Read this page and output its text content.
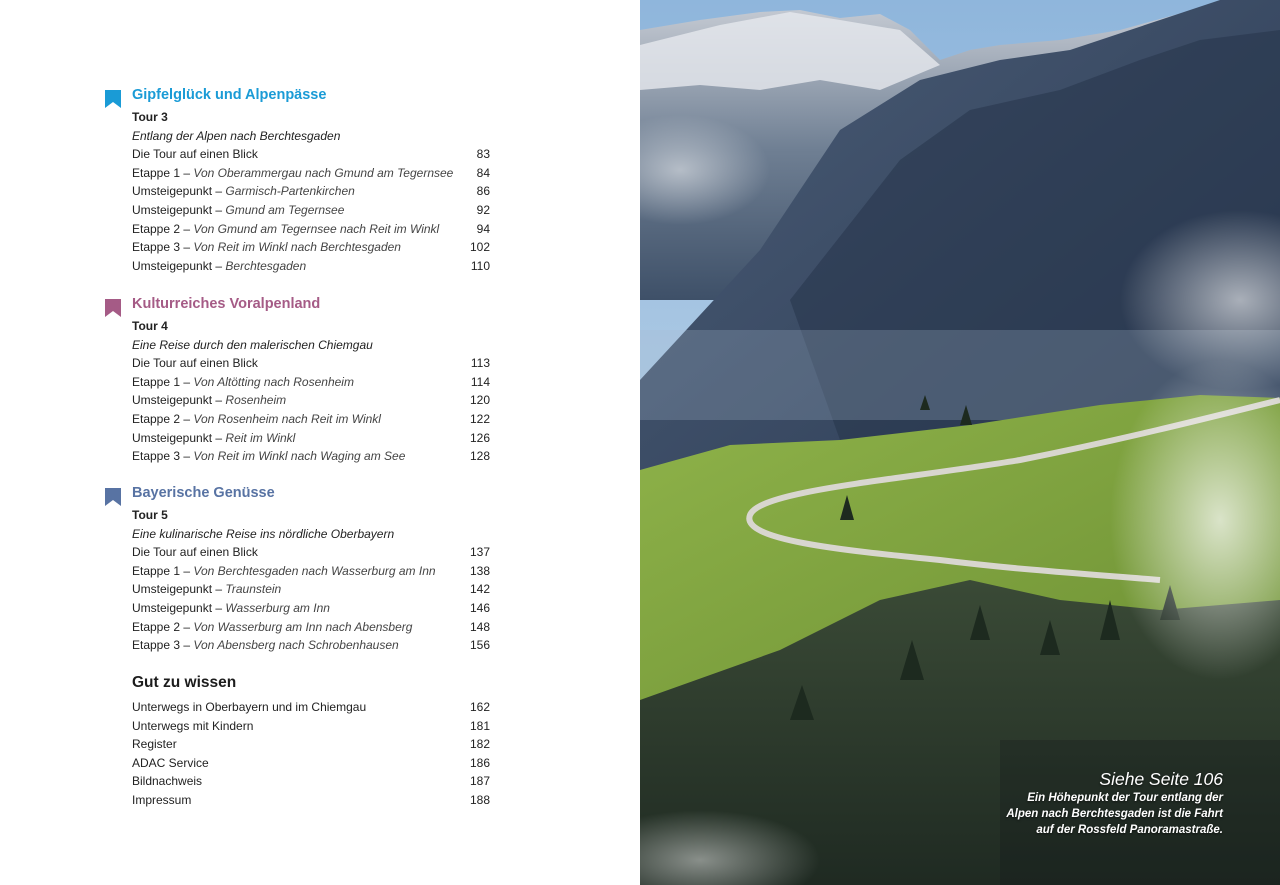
Gipfelglück und Alpenpässe
Tour 3
Entlang der Alpen nach Berchtesgaden
Die Tour auf einen Blick	83
Etappe 1 – Von Oberammergau nach Gmund am Tegernsee 84
Umsteigepunkt – Garmisch-Partenkirchen	86
Umsteigepunkt – Gmund am Tegernsee	92
Etappe 2 – Von Gmund am Tegernsee nach Reit im Winkl	94
Etappe 3 – Von Reit im Winkl nach Berchtesgaden	102
Umsteigepunkt – Berchtesgaden	110
Kulturreiches Voralpenland
Tour 4
Eine Reise durch den malerischen Chiemgau
Die Tour auf einen Blick	113
Etappe 1 – Von Altötting nach Rosenheim	114
Umsteigepunkt – Rosenheim	120
Etappe 2 – Von Rosenheim nach Reit im Winkl	122
Umsteigepunkt – Reit im Winkl	126
Etappe 3 – Von Reit im Winkl nach Waging am See	128
Bayerische Genüsse
Tour 5
Eine kulinarische Reise ins nördliche Oberbayern
Die Tour auf einen Blick	137
Etappe 1 – Von Berchtesgaden nach Wasserburg am Inn	138
Umsteigepunkt – Traunstein	142
Umsteigepunkt – Wasserburg am Inn	146
Etappe 2 – Von Wasserburg am Inn nach Abensberg	148
Etappe 3 – Von Abensberg nach Schrobenhausen	156
Gut zu wissen
Unterwegs in Oberbayern und im Chiemgau	162
Unterwegs mit Kindern	181
Register	182
ADAC Service	186
Bildnachweis	187
Impressum	188
Siehe Seite 106
Ein Höhepunkt der Tour entlang der
Alpen nach Berchtesgaden ist die Fahrt
auf der Rossfeld Panoramastraße.
